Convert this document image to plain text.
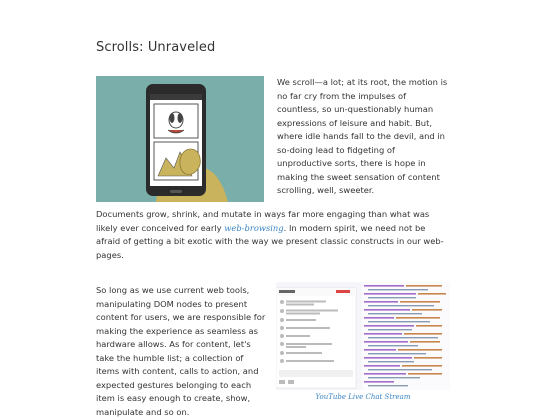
Scrolls: Unraveled

We scroll—a lot; at its root, the motion is no far cry from the impulses of countless, so un-questionably human expressions of leisure and habit. But, where idle hands fall to the devil, and in so-doing lead to fidgeting of unproductive sorts, there is hope in making the sweet sensation of content scrolling, well, sweeter.

Documents grow, shrink, and mutate in ways far more engaging than what was likely ever conceived for early web-browsing. In modern spirit, we need not be afraid of getting a bit exotic with the way we present classic constructs in our web-pages.

So long as we use current web tools, manipulating DOM nodes to present content for users, we are responsible for making the experience as seamless as hardware allows. As for content, let's take the humble list; a collection of items with content, calls to action, and expected gestures belonging to each item is easy enough to create, show, manipulate and so on.

YouTube Live Chat Stream
